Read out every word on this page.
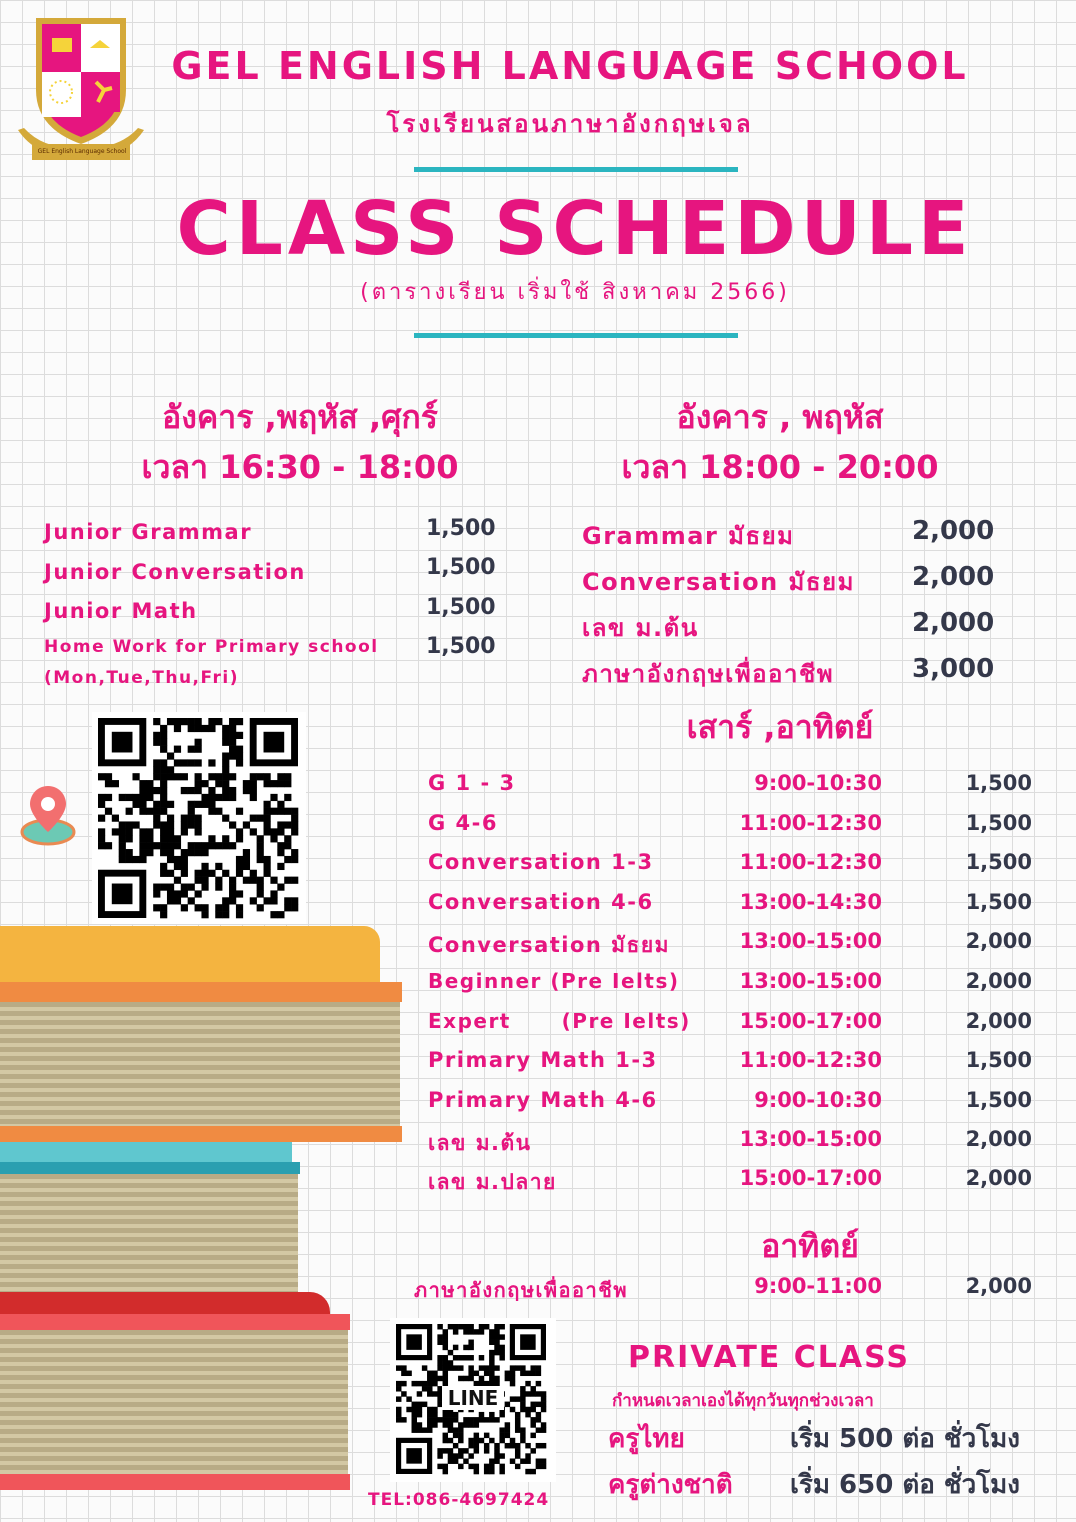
GEL English Language School
GEL ENGLISH LANGUAGE SCHOOL
โรงเรียนสอนภาษาอังกฤษเจล
CLASS SCHEDULE
(ตารางเรียน เริ่มใช้ สิงหาคม 2566)
อังคาร ,พฤหัส ,ศุกร์
เวลา 16:30 - 18:00
Junior Grammar	1,500
Junior Conversation	1,500
Junior Math	1,500
Home Work for Primary school 1,500
(Mon,Tue,Thu,Fri)
อังคาร , พฤหัส
เวลา 18:00 - 20:00
Grammar มัธยม	2,000
Conversation มัธยม 2,000
เลข ม.ต้น	2,000
ภาษาอังกฤษเพื่ออาชีพ	3,000
เสาร์ ,อาทิตย์
G 1 - 3	9:00-10:30	1,500
G 4-6	11:00-12:30	1,500
Conversation 1-3	11:00-12:30	1,500
Conversation 4-6	13:00-14:30	1,500
Conversation มัธยม	13:00-15:00	2,000
Beginner (Pre Ielts)	13:00-15:00	2,000
Expert      (Pre Ielts)	15:00-17:00	2,000
Primary Math 1-3	11:00-12:30	1,500
Primary Math 4-6	9:00-10:30	1,500
เลข ม.ต้น	13:00-15:00	2,000
เลข ม.ปลาย	15:00-17:00	2,000
อาทิตย์
ภาษาอังกฤษเพื่ออาชีพ	9:00-11:00	2,000
LINE
TEL:086-4697424
PRIVATE CLASS
กำหนดเวลาเองได้ทุกวันทุกช่วงเวลา
ครูไทย	เริ่ม 500 ต่อ ชั่วโมง
ครูต่างชาติ เริ่ม 650 ต่อ ชั่วโมง
